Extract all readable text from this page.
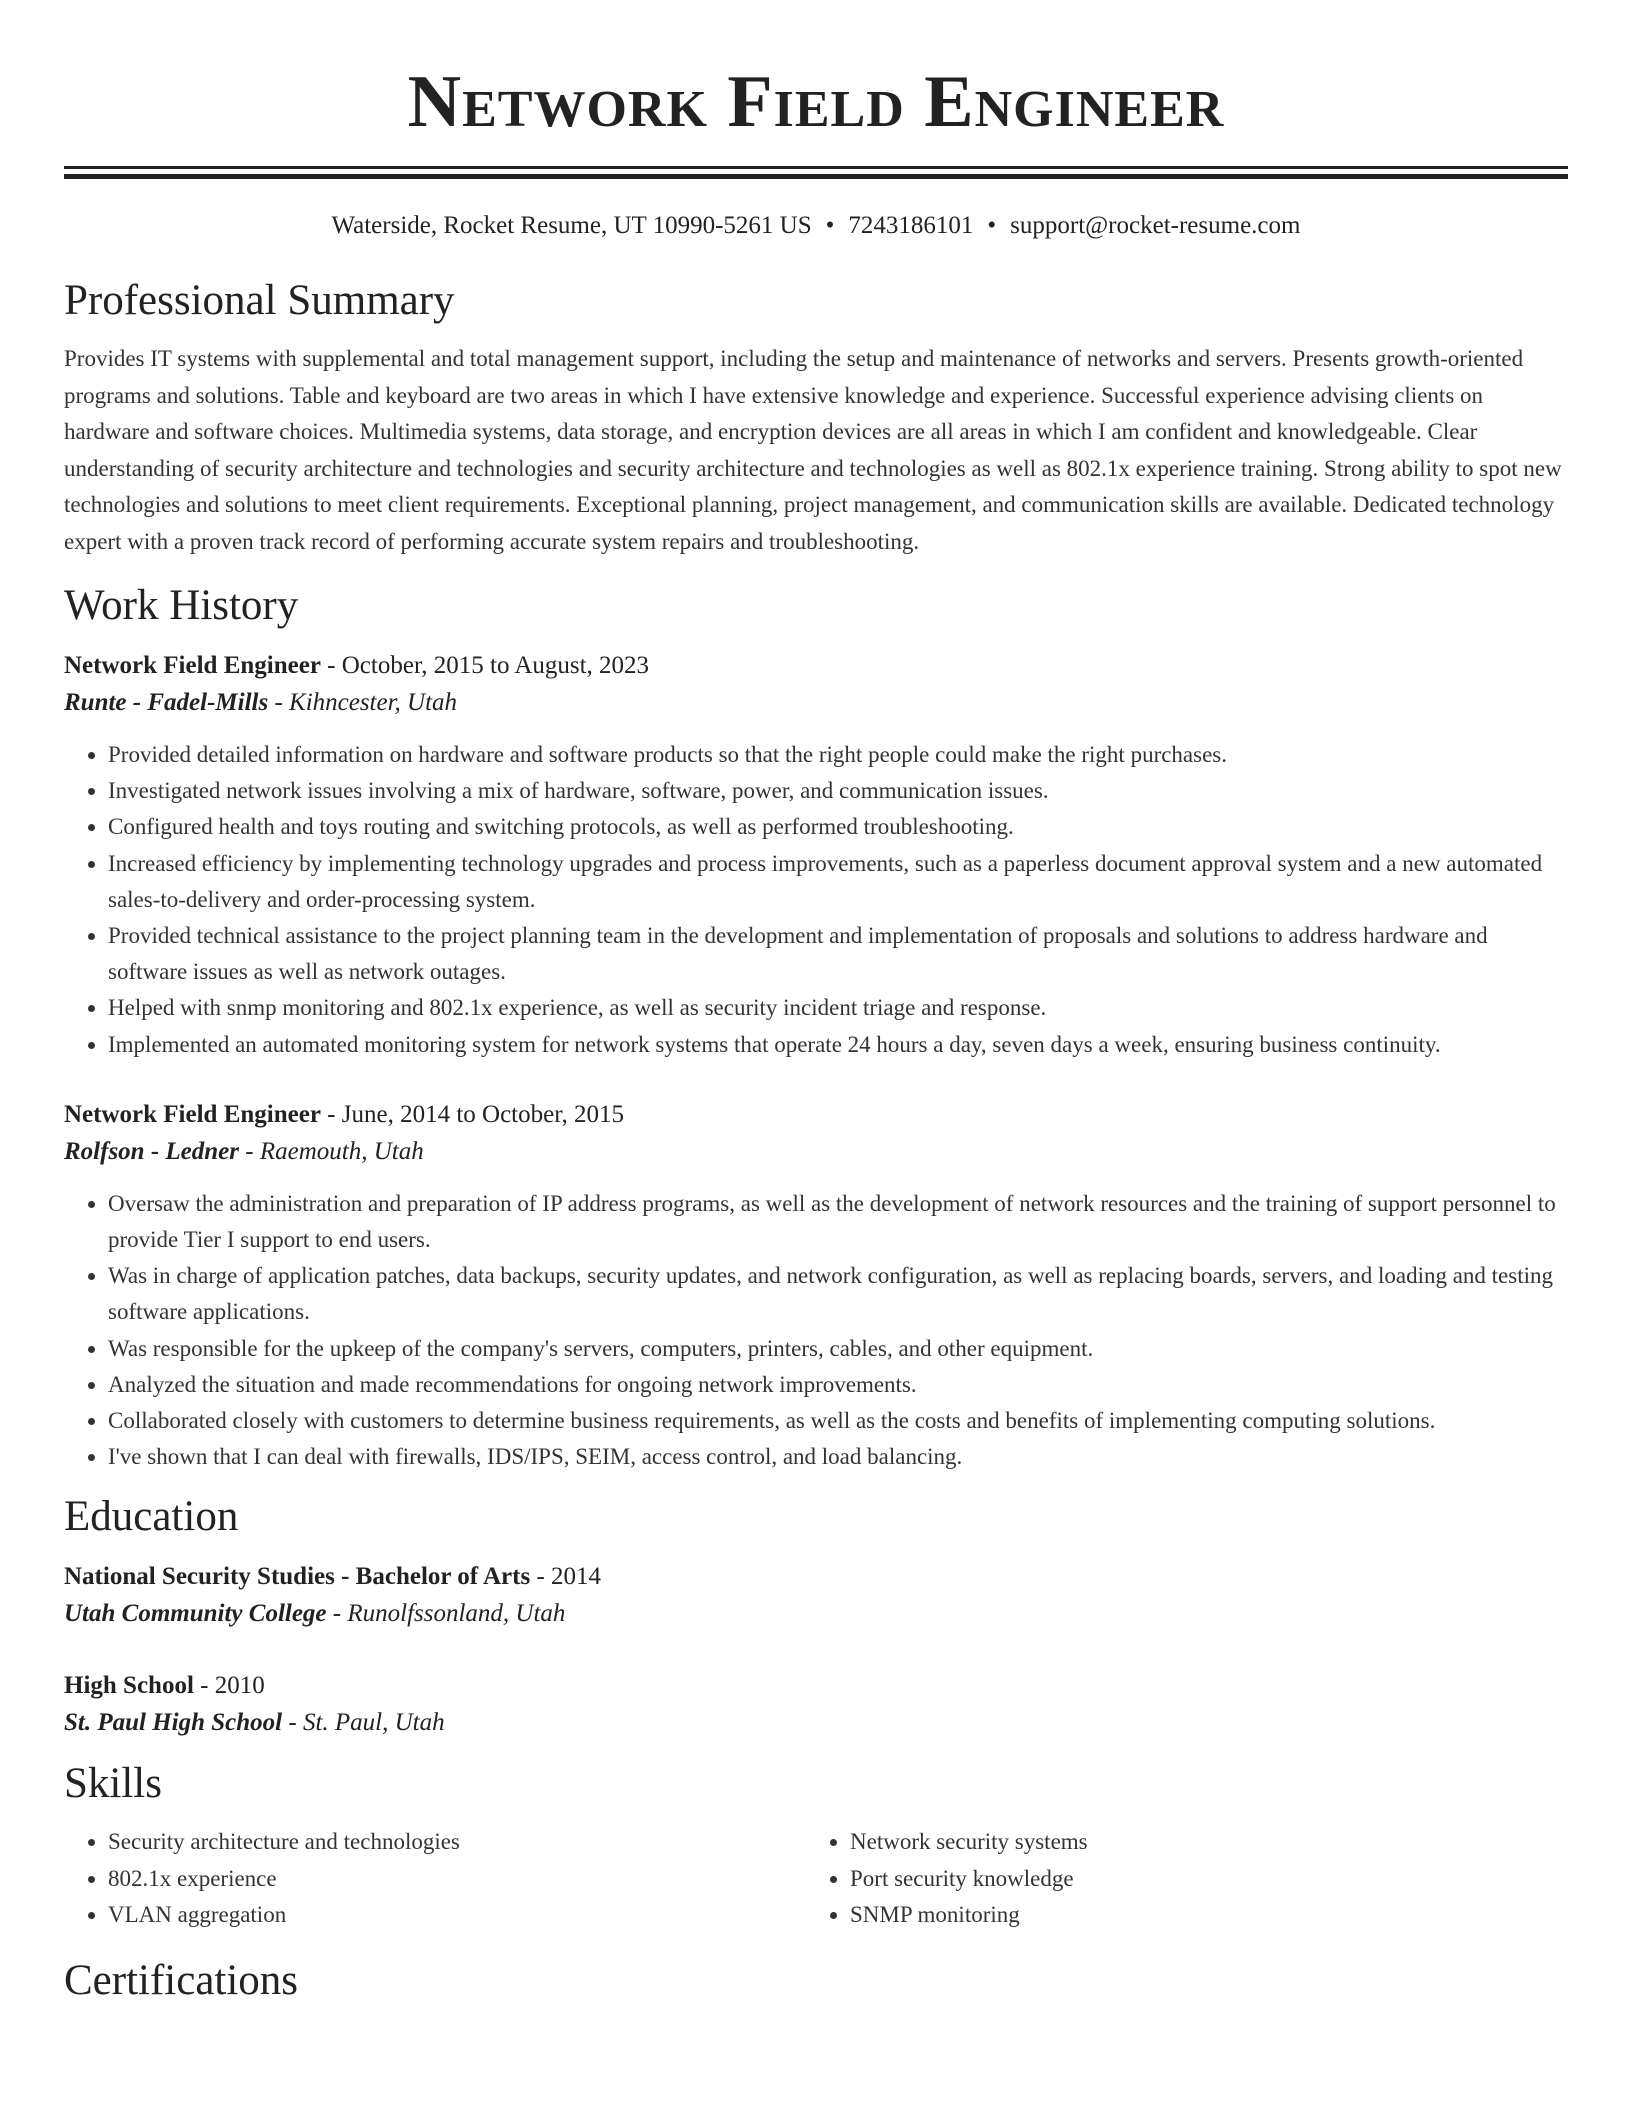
Network Field Engineer
Waterside, Rocket Resume, UT 10990-5261 US • 7243186101 • support@rocket-resume.com
Professional Summary
Provides IT systems with supplemental and total management support, including the setup and maintenance of networks and servers. Presents growth-oriented programs and solutions. Table and keyboard are two areas in which I have extensive knowledge and experience. Successful experience advising clients on hardware and software choices. Multimedia systems, data storage, and encryption devices are all areas in which I am confident and knowledgeable. Clear understanding of security architecture and technologies and security architecture and technologies as well as 802.1x experience training. Strong ability to spot new technologies and solutions to meet client requirements. Exceptional planning, project management, and communication skills are available. Dedicated technology expert with a proven track record of performing accurate system repairs and troubleshooting.
Work History
Network Field Engineer - October, 2015 to August, 2023
Runte - Fadel-Mills - Kihncester, Utah
• Provided detailed information on hardware and software products so that the right people could make the right purchases.
• Investigated network issues involving a mix of hardware, software, power, and communication issues.
• Configured health and toys routing and switching protocols, as well as performed troubleshooting.
• Increased efficiency by implementing technology upgrades and process improvements, such as a paperless document approval system and a new automated sales-to-delivery and order-processing system.
• Provided technical assistance to the project planning team in the development and implementation of proposals and solutions to address hardware and software issues as well as network outages.
• Helped with snmp monitoring and 802.1x experience, as well as security incident triage and response.
• Implemented an automated monitoring system for network systems that operate 24 hours a day, seven days a week, ensuring business continuity.
Network Field Engineer - June, 2014 to October, 2015
Rolfson - Ledner - Raemouth, Utah
• Oversaw the administration and preparation of IP address programs, as well as the development of network resources and the training of support personnel to provide Tier I support to end users.
• Was in charge of application patches, data backups, security updates, and network configuration, as well as replacing boards, servers, and loading and testing software applications.
• Was responsible for the upkeep of the company's servers, computers, printers, cables, and other equipment.
• Analyzed the situation and made recommendations for ongoing network improvements.
• Collaborated closely with customers to determine business requirements, as well as the costs and benefits of implementing computing solutions.
• I've shown that I can deal with firewalls, IDS/IPS, SEIM, access control, and load balancing.
Education
National Security Studies - Bachelor of Arts - 2014
Utah Community College - Runolfssonland, Utah
High School - 2010
St. Paul High School - St. Paul, Utah
Skills
• Security architecture and technologies
• 802.1x experience
• VLAN aggregation
• Network security systems
• Port security knowledge
• SNMP monitoring
Certifications
